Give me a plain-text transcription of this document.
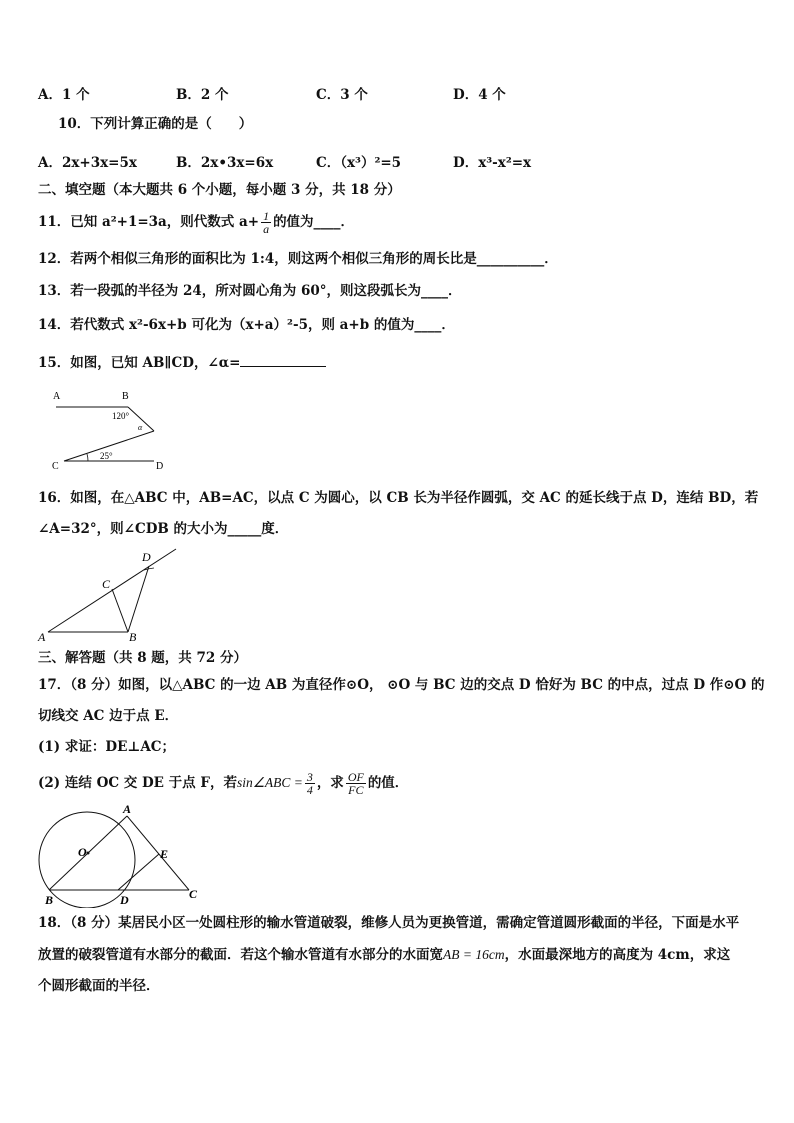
A．1 个	B．2 个	C．3 个	D．4 个
10．下列计算正确的是（　　）
A．2x+3x=5x	B．2x•3x=6x	C．（x³）²=5	D．x³-x²=x
二、填空题（本大题共 6 个小题，每小题 3 分，共 18 分）
11．已知 a²+1=3a，则代数式 $a+ \frac{1}{a}$ 的值为____．
12．若两个相似三角形的面积比为 1:4，则这两个相似三角形的周长比是__________．
13．若一段弧的半径为 24，所对圆心角为 60°，则这段弧长为____．
14．若代数式 x²-6x+b 可化为（x+a）²-5，则 a+b 的值为____．
15．如图，已知 AB∥CD，∠α=
A	B
120°
α
C
25°
D
16．如图，在△ABC 中，AB=AC，以点 C 为圆心，以 CB 长为半径作圆弧，交 AC 的延长线于点 D，连结 BD，若
∠A=32°，则∠CDB 的大小为_____度．
A	B
C
D
三、解答题（共 8 题，共 72 分）
17．（8 分）如图，以△ABC 的一边 AB 为直径作⊙O， ⊙O 与 BC 边的交点 D 恰好为 BC 的中点，过点 D 作⊙O 的
切线交 AC 边于点 E．
(1) 求证：DE⊥AC；
(2) 连结 OC 交 DE 于点 F，若sin∠ABC = $\frac{3}{4}$ ，求 $\frac{OF}{FC}$ 的值．
A
B	C
D
E
O
18．（8 分）某居民小区一处圆柱形的输水管道破裂，维修人员为更换管道，需确定管道圆形截面的半径，下面是水平
放置的破裂管道有水部分的截面．若这个输水管道有水部分的水面宽AB = 16cm，水面最深地方的高度为 4cm，求这
个圆形截面的半径．
